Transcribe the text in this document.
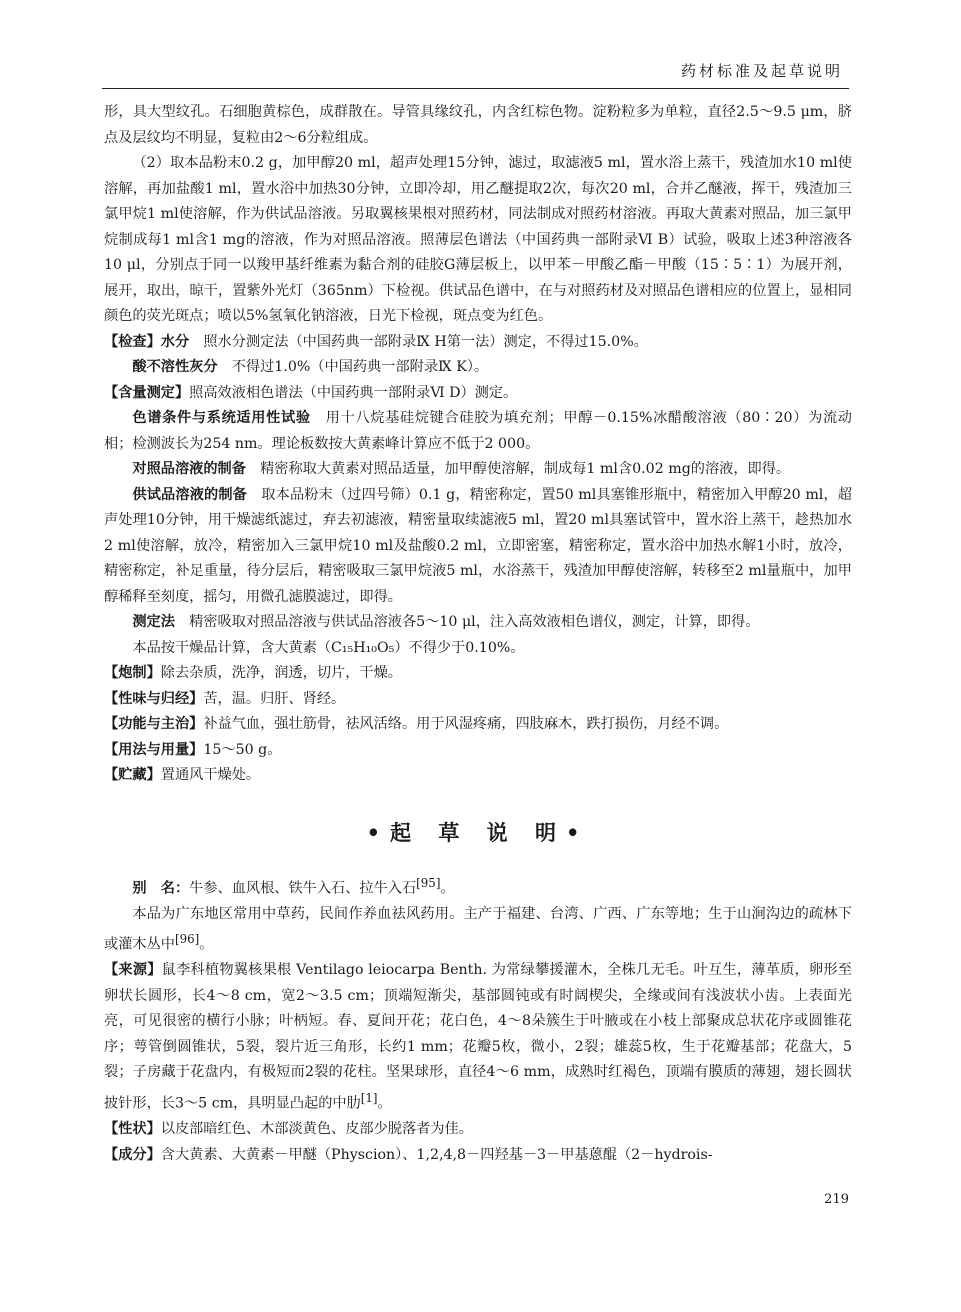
药材标准及起草说明

形，具大型纹孔。石细胞黄棕色，成群散在。导管具缘纹孔，内含红棕色物。淀粉粒多为单粒，直径2.5～9.5 μm，脐点及层纹均不明显，复粒由2～6分粒组成。

（2）取本品粉末0.2 g，加甲醇20 ml，超声处理15分钟，滤过，取滤液5 ml，置水浴上蒸干，残渣加水10 ml使溶解，再加盐酸1 ml，置水浴中加热30分钟，立即冷却，用乙醚提取2次，每次20 ml，合并乙醚液，挥干，残渣加三氯甲烷1 ml使溶解，作为供试品溶液。另取翼核果根对照药材，同法制成对照药材溶液。再取大黄素对照品，加三氯甲烷制成每1 ml含1 mg的溶液，作为对照品溶液。照薄层色谱法（中国药典一部附录Ⅵ B）试验，吸取上述3种溶液各10 μl，分别点于同一以羧甲基纤维素为黏合剂的硅胶G薄层板上，以甲苯－甲酸乙酯－甲酸（15∶5∶1）为展开剂，展开，取出，晾干，置紫外光灯（365nm）下检视。供试品色谱中，在与对照药材及对照品色谱相应的位置上，显相同颜色的荧光斑点；喷以5%氢氧化钠溶液，日光下检视，斑点变为红色。

【检查】水分　 照水分测定法（中国药典一部附录Ⅸ H第一法）测定，不得过15.0%。

酸不溶性灰分　 不得过1.0%（中国药典一部附录Ⅸ K）。

【含量测定】照高效液相色谱法（中国药典一部附录Ⅵ D）测定。

色谱条件与系统适用性试验　 用十八烷基硅烷键合硅胶为填充剂；甲醇－0.15%冰醋酸溶液（80∶20）为流动相；检测波长为254 nm。理论板数按大黄素峰计算应不低于2 000。

对照品溶液的制备　 精密称取大黄素对照品适量，加甲醇使溶解，制成每1 ml含0.02 mg的溶液，即得。

供试品溶液的制备　 取本品粉末（过四号筛）0.1 g，精密称定，置50 ml具塞锥形瓶中，精密加入甲醇20 ml，超声处理10分钟，用干燥滤纸滤过，弃去初滤液，精密量取续滤液5 ml，置20 ml具塞试管中，置水浴上蒸干，趁热加水2 ml使溶解，放冷，精密加入三氯甲烷10 ml及盐酸0.2 ml，立即密塞，精密称定，置水浴中加热水解1小时，放冷，精密称定，补足重量，待分层后，精密吸取三氯甲烷液5 ml，水浴蒸干，残渣加甲醇使溶解，转移至2 ml量瓶中，加甲醇稀释至刻度，摇匀，用微孔滤膜滤过，即得。

测定法　 精密吸取对照品溶液与供试品溶液各5～10 μl，注入高效液相色谱仪，测定，计算，即得。

本品按干燥品计算，含大黄素（C₁₅H₁₀O₅）不得少于0.10%。

【炮制】除去杂质，洗净，润透，切片，干燥。

【性味与归经】苦，温。归肝、肾经。

【功能与主治】补益气血，强壮筋骨，祛风活络。用于风湿疼痛，四肢麻木，跌打损伤，月经不调。

【用法与用量】15～50 g。

【贮藏】置通风干燥处。

•起 草 说 明•

别　名：牛参、血风根、铁牛入石、拉牛入石[95]。

本品为广东地区常用中草药，民间作养血祛风药用。主产于福建、台湾、广西、广东等地；生于山涧沟边的疏林下或灌木丛中[96]。

【来源】鼠李科植物翼核果根 Ventilago leiocarpa Benth. 为常绿攀援灌木，全株几无毛。叶互生，薄革质，卵形至卵状长圆形，长4～8 cm，宽2～3.5 cm；顶端短渐尖，基部圆钝或有时阔楔尖，全缘或间有浅波状小齿。上表面光亮，可见很密的横行小脉；叶柄短。春、夏间开花；花白色，4～8朵簇生于叶腋或在小枝上部聚成总状花序或圆锥花序；萼管倒圆锥状，5裂，裂片近三角形，长约1 mm；花瓣5枚，微小，2裂；雄蕊5枚，生于花瓣基部；花盘大，5裂；子房藏于花盘内，有极短而2裂的花柱。坚果球形，直径4～6 mm，成熟时红褐色，顶端有膜质的薄翅，翅长圆状披针形，长3～5 cm，具明显凸起的中肋[1]。

【性状】以皮部暗红色、木部淡黄色、皮部少脱落者为佳。

【成分】含大黄素、大黄素－甲醚（Physcion）、1,2,4,8－四羟基－3－甲基蒽醌（2－hydrois-

219
